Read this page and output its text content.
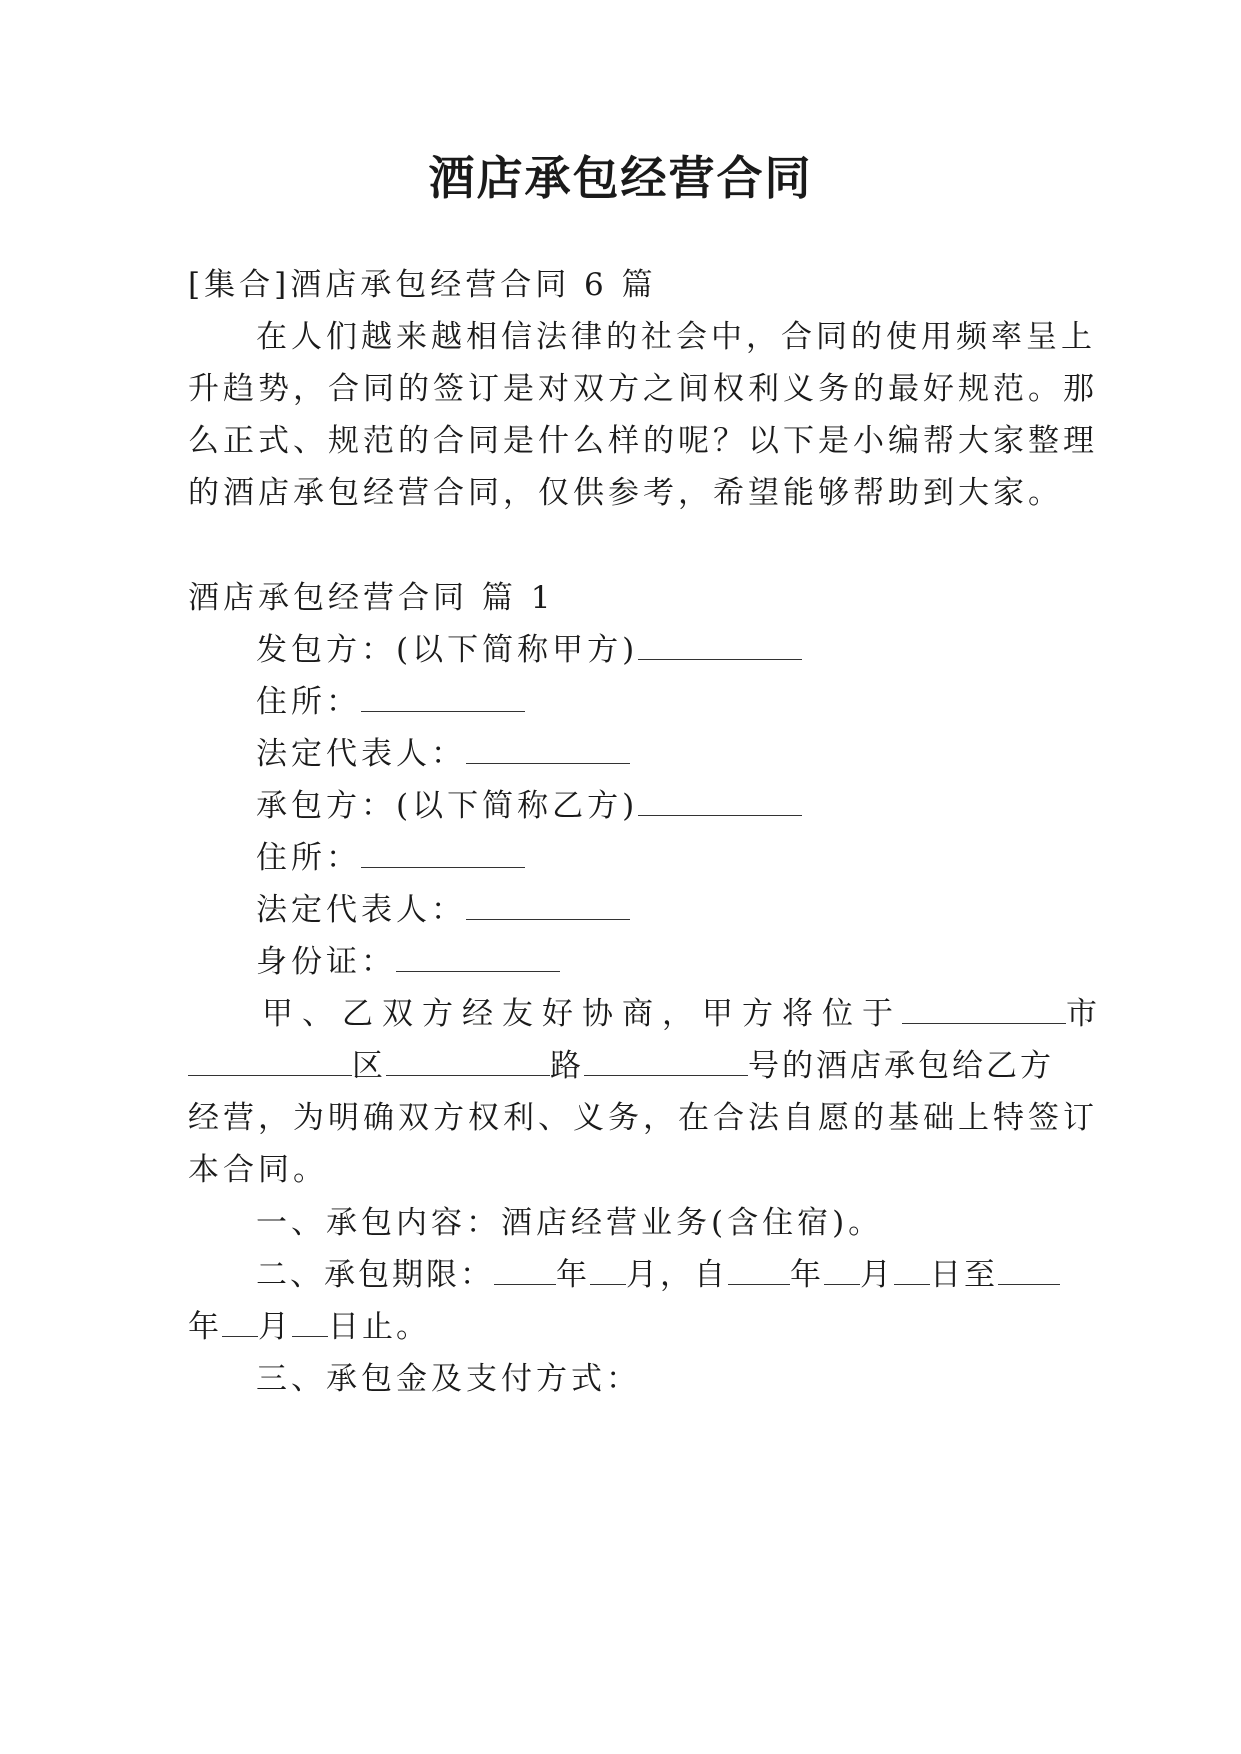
酒店承包经营合同
[集合]酒店承包经营合同 6 篇
在人们越来越相信法律的社会中，合同的使用频率呈上
升趋势，合同的签订是对双方之间权利义务的最好规范。那
么正式、规范的合同是什么样的呢？以下是小编帮大家整理
的酒店承包经营合同，仅供参考，希望能够帮助到大家。
酒店承包经营合同 篇 1
发包方：(以下简称甲方)
住所：
法定代表人：
承包方：(以下简称乙方)
住所：
法定代表人：
身份证：
甲、乙双方经友好协商，甲方将位于	市
区	路	号的酒店承包给乙方
经营，为明确双方权利、义务，在合法自愿的基础上特签订
本合同。
一、承包内容：酒店经营业务(含住宿)。
二、承包期限： 年 月，自 年 月 日至
年 月 日止。
三、承包金及支付方式：
